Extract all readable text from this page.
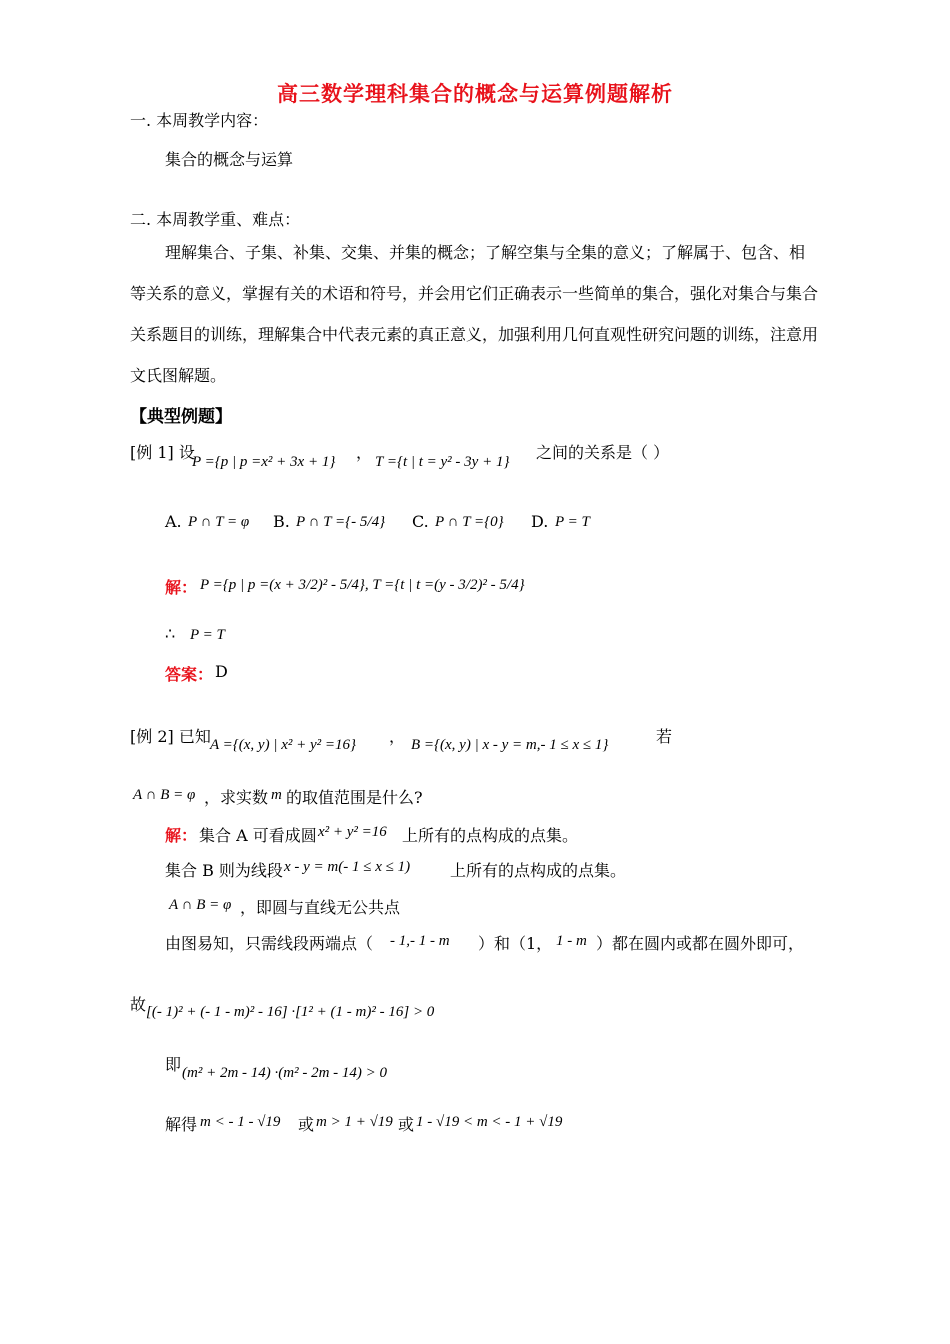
高三数学理科集合的概念与运算例题解析
一. 本周教学内容：
集合的概念与运算
二. 本周教学重、难点：
理解集合、子集、补集、交集、并集的概念；了解空集与全集的意义；了解属于、包含、相等关系的意义，掌握有关的术语和符号，并会用它们正确表示一些简单的集合，强化对集合与集合关系题目的训练，理解集合中代表元素的真正意义，加强利用几何直观性研究问题的训练，注意用文氏图解题。
【典型例题】
[例 1] 设
P ={p | p =x² + 3x + 1} ， T ={t | t = y² - 3y + 1} 之间的关系是（ ）
A. P ∩ T = φ B. P ∩ T ={- 5/4} C. P ∩ T ={0} D. P = T
解： P ={p | p =(x + 3/2)² - 5/4}, T ={t | t =(y - 3/2)² - 5/4}
∴ P = T
答案： D
[例 2] 已知 A ={(x, y) | x² + y² =16} ， B ={(x, y) | x - y = m,- 1 ≤ x ≤ 1}	若
A ∩ B = φ ，求实数 m 的取值范围是什么?
解： 集合 A 可看成圆 x² + y² =16 上所有的点构成的点集。
集合 B 则为线段 x - y = m(- 1 ≤ x ≤ 1) 上所有的点构成的点集。
A ∩ B = φ ，即圆与直线无公共点
由图易知，只需线段两端点（ - 1,- 1 - m ）和（1， 1 - m ）都在圆内或都在圆外即可，
故 [(- 1)² + (- 1 - m)² - 16] ·[1² + (1 - m)² - 16] > 0
即 (m² + 2m - 14) ·(m² - 2m - 14) > 0
解得 m < - 1 - √19 或 m > 1 + √19 或 1 - √19 < m < - 1 + √19
